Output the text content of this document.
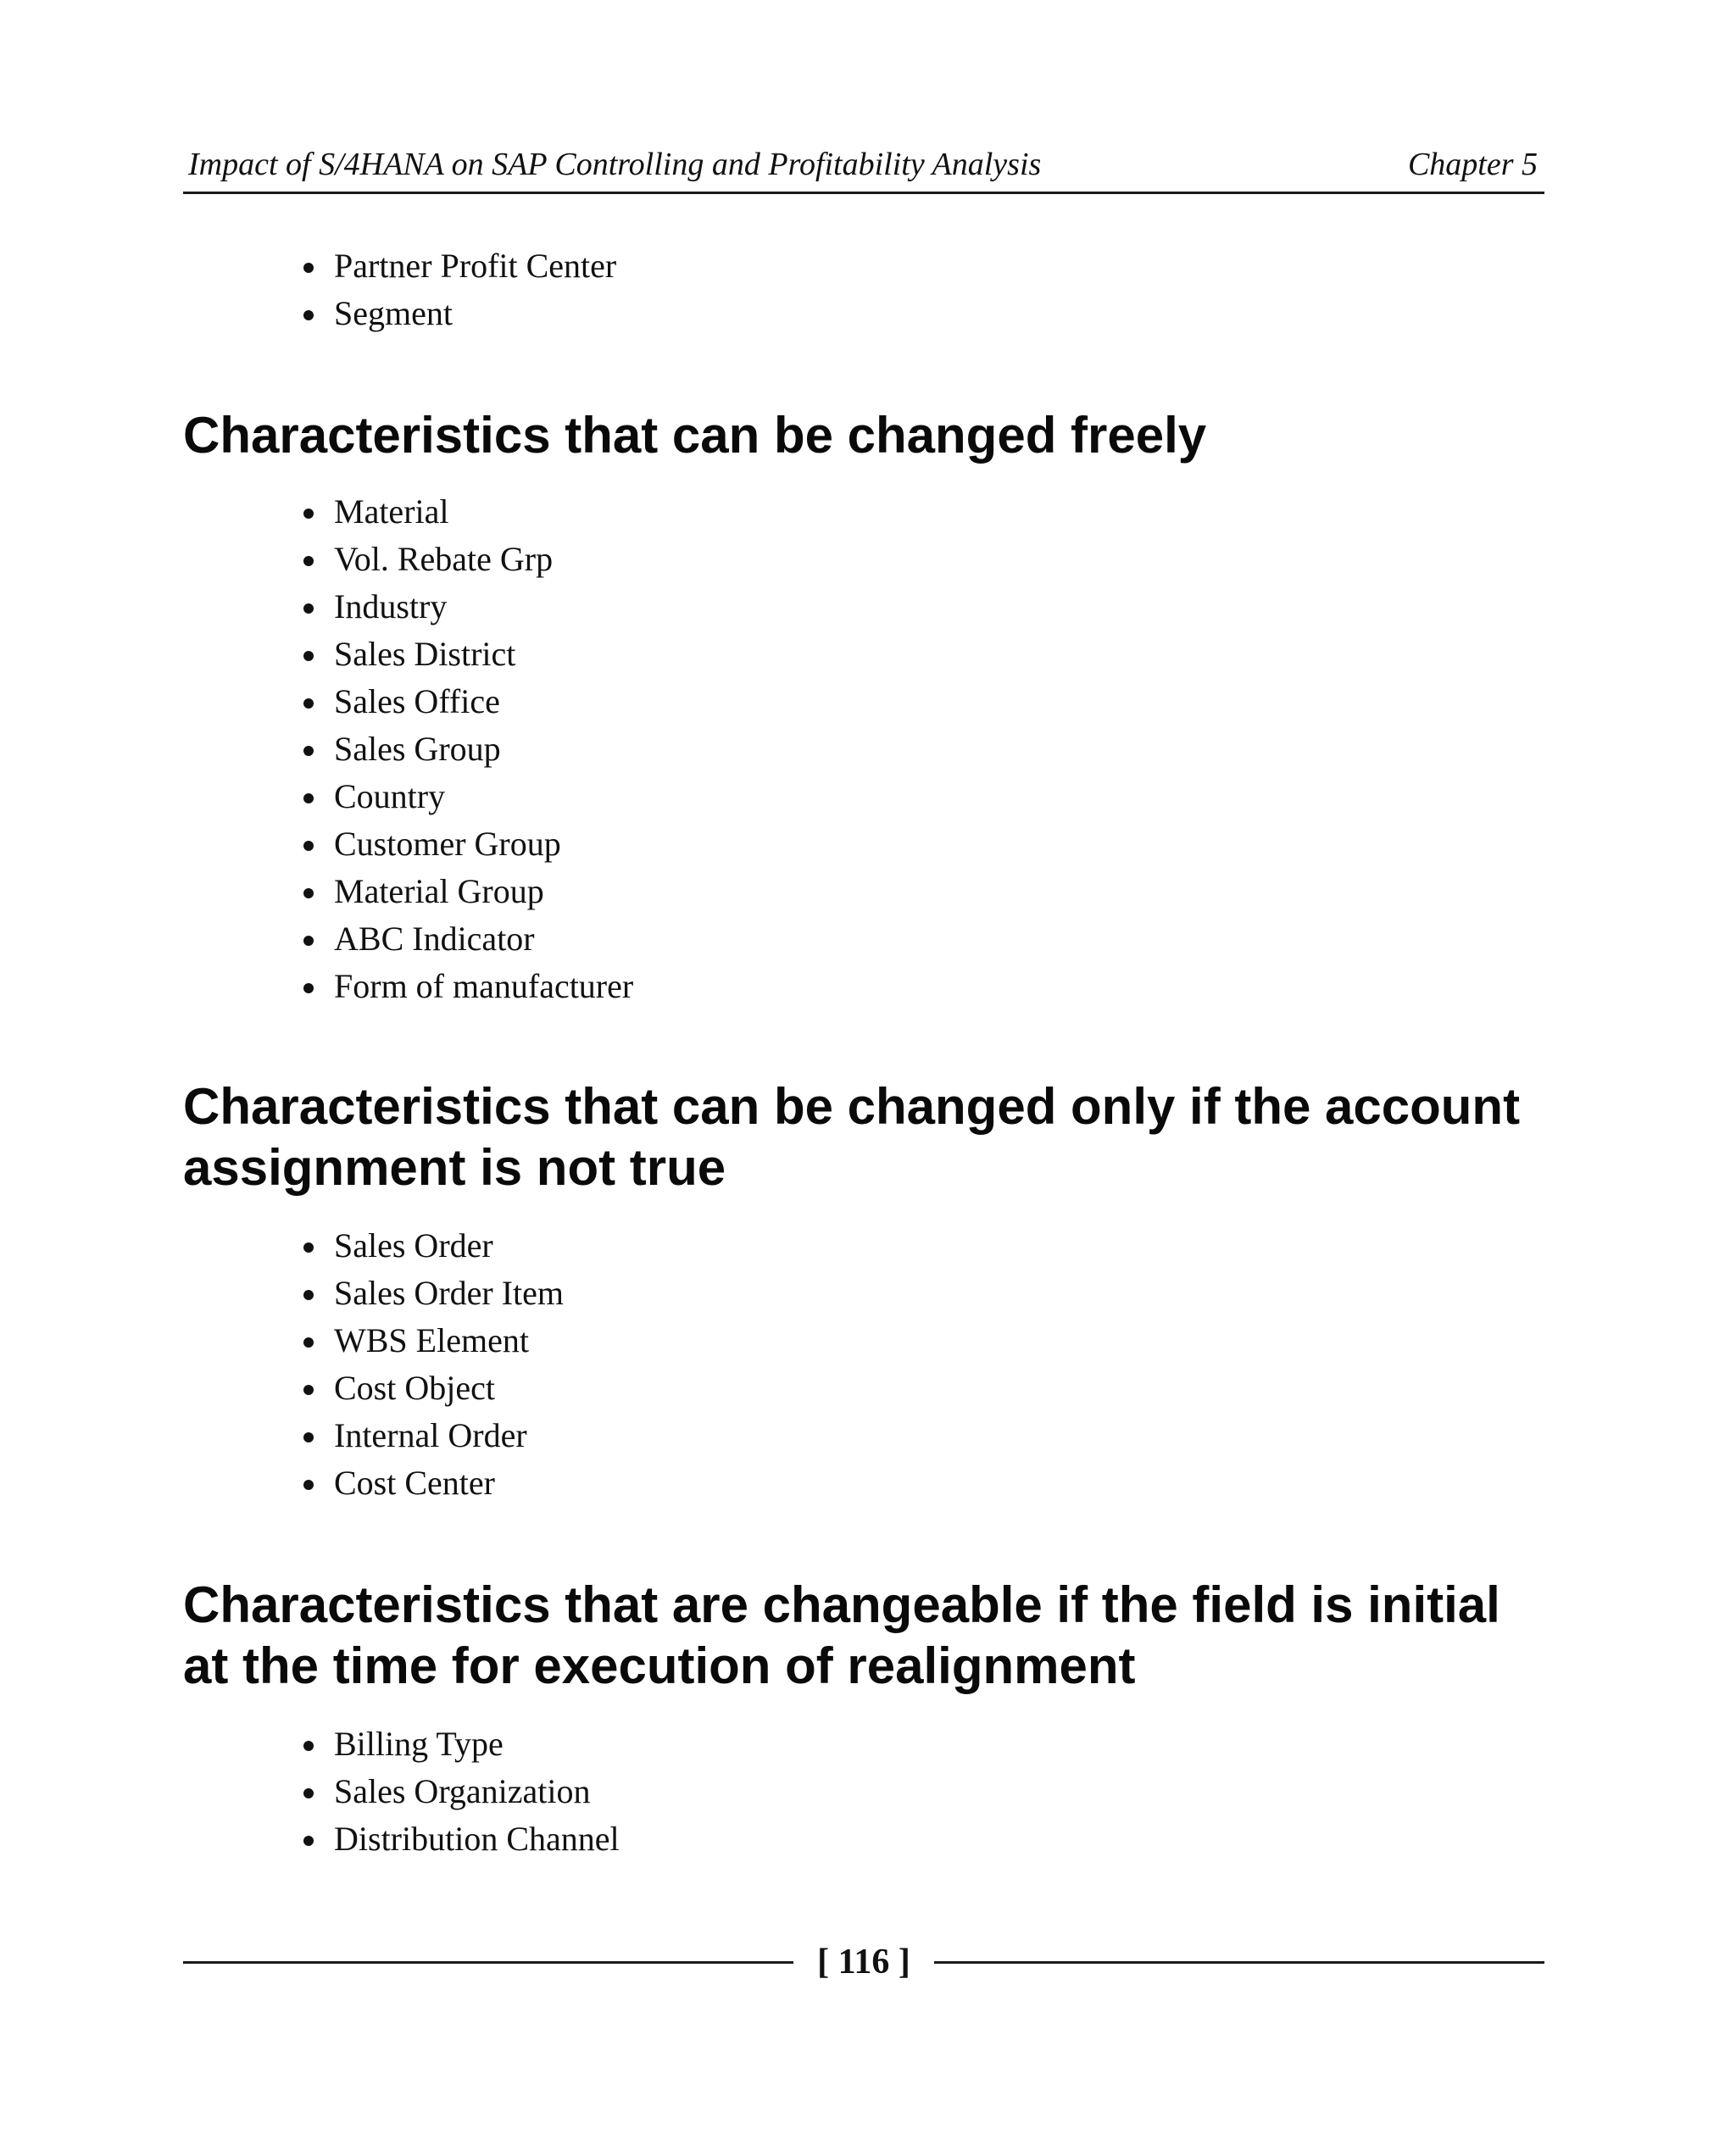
Impact of S/4HANA on SAP Controlling and Profitability Analysis	Chapter 5
Partner Profit Center
Segment
Characteristics that can be changed freely
Material
Vol. Rebate Grp
Industry
Sales District
Sales Office
Sales Group
Country
Customer Group
Material Group
ABC Indicator
Form of manufacturer
Characteristics that can be changed only if the account assignment is not true
Sales Order
Sales Order Item
WBS Element
Cost Object
Internal Order
Cost Center
Characteristics that are changeable if the field is initial at the time for execution of realignment
Billing Type
Sales Organization
Distribution Channel
[ 116 ]
